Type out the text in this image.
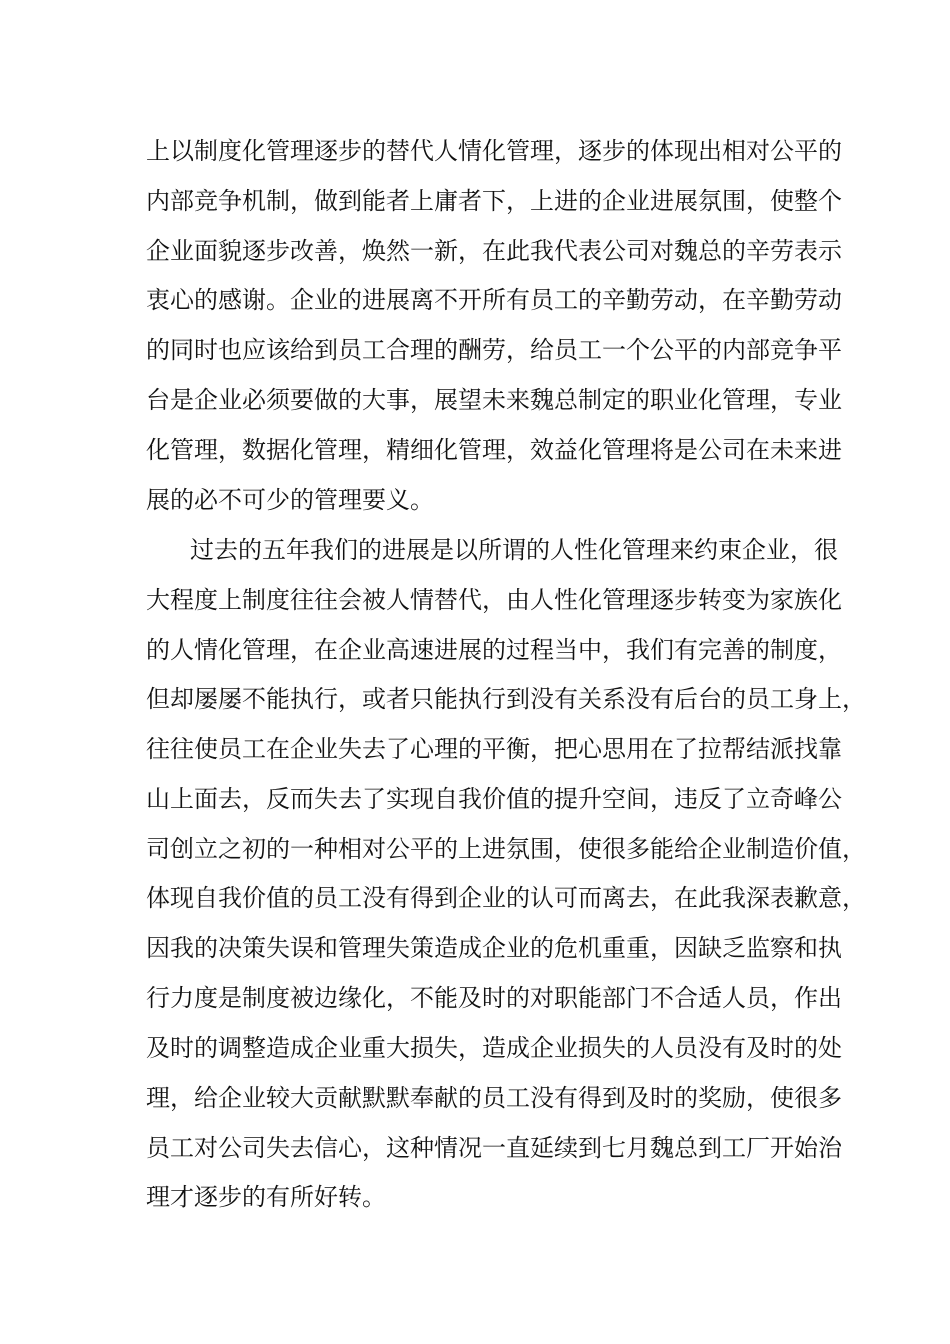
上以制度化管理逐步的替代人情化管理，逐步的体现出相对公平的
内部竞争机制，做到能者上庸者下，上进的企业进展氛围，使整个
企业面貌逐步改善，焕然一新，在此我代表公司对魏总的辛劳表示
衷心的感谢。企业的进展离不开所有员工的辛勤劳动，在辛勤劳动
的同时也应该给到员工合理的酬劳，给员工一个公平的内部竞争平
台是企业必须要做的大事，展望未来魏总制定的职业化管理，专业
化管理，数据化管理，精细化管理，效益化管理将是公司在未来进
展的必不可少的管理要义。
过去的五年我们的进展是以所谓的人性化管理来约束企业，很
大程度上制度往往会被人情替代，由人性化管理逐步转变为家族化
的人情化管理，在企业高速进展的过程当中，我们有完善的制度，
但却屡屡不能执行，或者只能执行到没有关系没有后台的员工身上，
往往使员工在企业失去了心理的平衡，把心思用在了拉帮结派找靠
山上面去，反而失去了实现自我价值的提升空间，违反了立奇峰公
司创立之初的一种相对公平的上进氛围，使很多能给企业制造价值，
体现自我价值的员工没有得到企业的认可而离去，在此我深表歉意，
因我的决策失误和管理失策造成企业的危机重重，因缺乏监察和执
行力度是制度被边缘化，不能及时的对职能部门不合适人员，作出
及时的调整造成企业重大损失，造成企业损失的人员没有及时的处
理，给企业较大贡献默默奉献的员工没有得到及时的奖励，使很多
员工对公司失去信心，这种情况一直延续到七月魏总到工厂开始治
理才逐步的有所好转。
